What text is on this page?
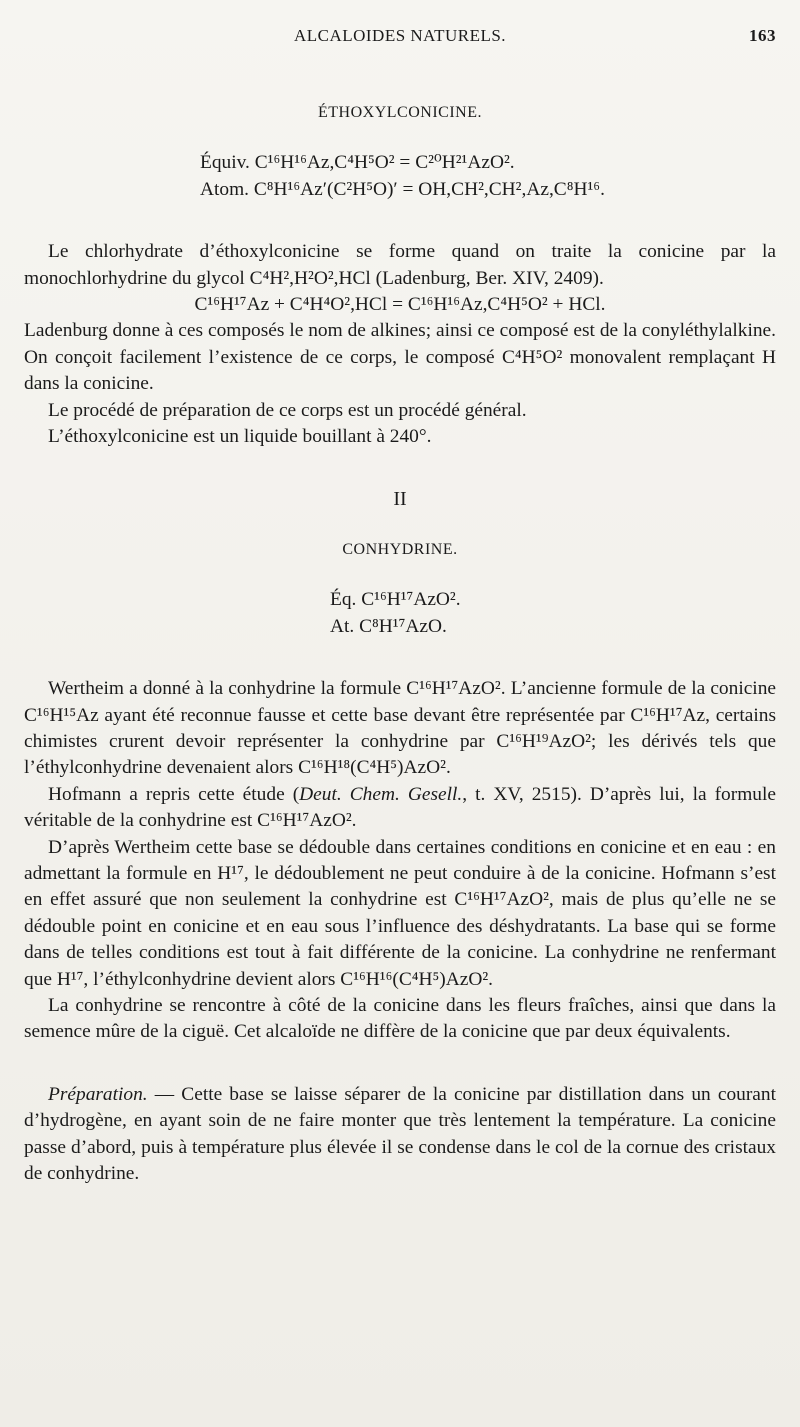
ALCALOIDES NATURELS.	163
ÉTHOXYLCONICINE.
Équiv. C¹⁶H¹⁶Az,C⁴H⁵O² = C²⁰H²¹AzO².
Atom. C⁸H¹⁶Az′(C²H⁵O)′ = OH,CH²,CH²,Az,C⁸H¹⁶.

Le chlorhydrate d’éthoxylconicine se forme quand on traite la conicine par la monochlorhydrine du glycol C⁴H²,H²O²,HCl (Ladenburg, Ber. XIV, 2409).

C¹⁶H¹⁷Az + C⁴H⁴O²,HCl = C¹⁶H¹⁶Az,C⁴H⁵O² + HCl.

Ladenburg donne à ces composés le nom de alkines; ainsi ce composé est de la conyléthylalkine. On conçoit facilement l’existence de ce corps, le composé C⁴H⁵O² monovalent remplaçant H dans la conicine.

Le procédé de préparation de ce corps est un procédé général.

L’éthoxylconicine est un liquide bouillant à 240°.

II
CONHYDRINE.
Éq. C¹⁶H¹⁷AzO².
At. C⁸H¹⁷AzO.

Wertheim a donné à la conhydrine la formule C¹⁶H¹⁷AzO². L’ancienne formule de la conicine C¹⁶H¹⁵Az ayant été reconnue fausse et cette base devant être représentée par C¹⁶H¹⁷Az, certains chimistes crurent devoir représenter la conhydrine par C¹⁶H¹⁹AzO²; les dérivés tels que l’éthylconhydrine devenaient alors C¹⁶H¹⁸(C⁴H⁵)AzO².

Hofmann a repris cette étude (Deut. Chem. Gesell., t. XV, 2515). D’après lui, la formule véritable de la conhydrine est C¹⁶H¹⁷AzO².

D’après Wertheim cette base se dédouble dans certaines conditions en conicine et en eau : en admettant la formule en H¹⁷, le dédoublement ne peut conduire à de la conicine. Hofmann s’est en effet assuré que non seulement la conhydrine est C¹⁶H¹⁷AzO², mais de plus qu’elle ne se dédouble point en conicine et en eau sous l’influence des déshydratants. La base qui se forme dans de telles conditions est tout à fait différente de la conicine. La conhydrine ne renfermant que H¹⁷, l’éthylconhydrine devient alors C¹⁶H¹⁶(C⁴H⁵)AzO².

La conhydrine se rencontre à côté de la conicine dans les fleurs fraîches, ainsi que dans la semence mûre de la ciguë. Cet alcaloïde ne diffère de la conicine que par deux équivalents.

Préparation. — Cette base se laisse séparer de la conicine par distillation dans un courant d’hydrogène, en ayant soin de ne faire monter que très lentement la température. La conicine passe d’abord, puis à température plus élevée il se condense dans le col de la cornue des cristaux de conhydrine.
